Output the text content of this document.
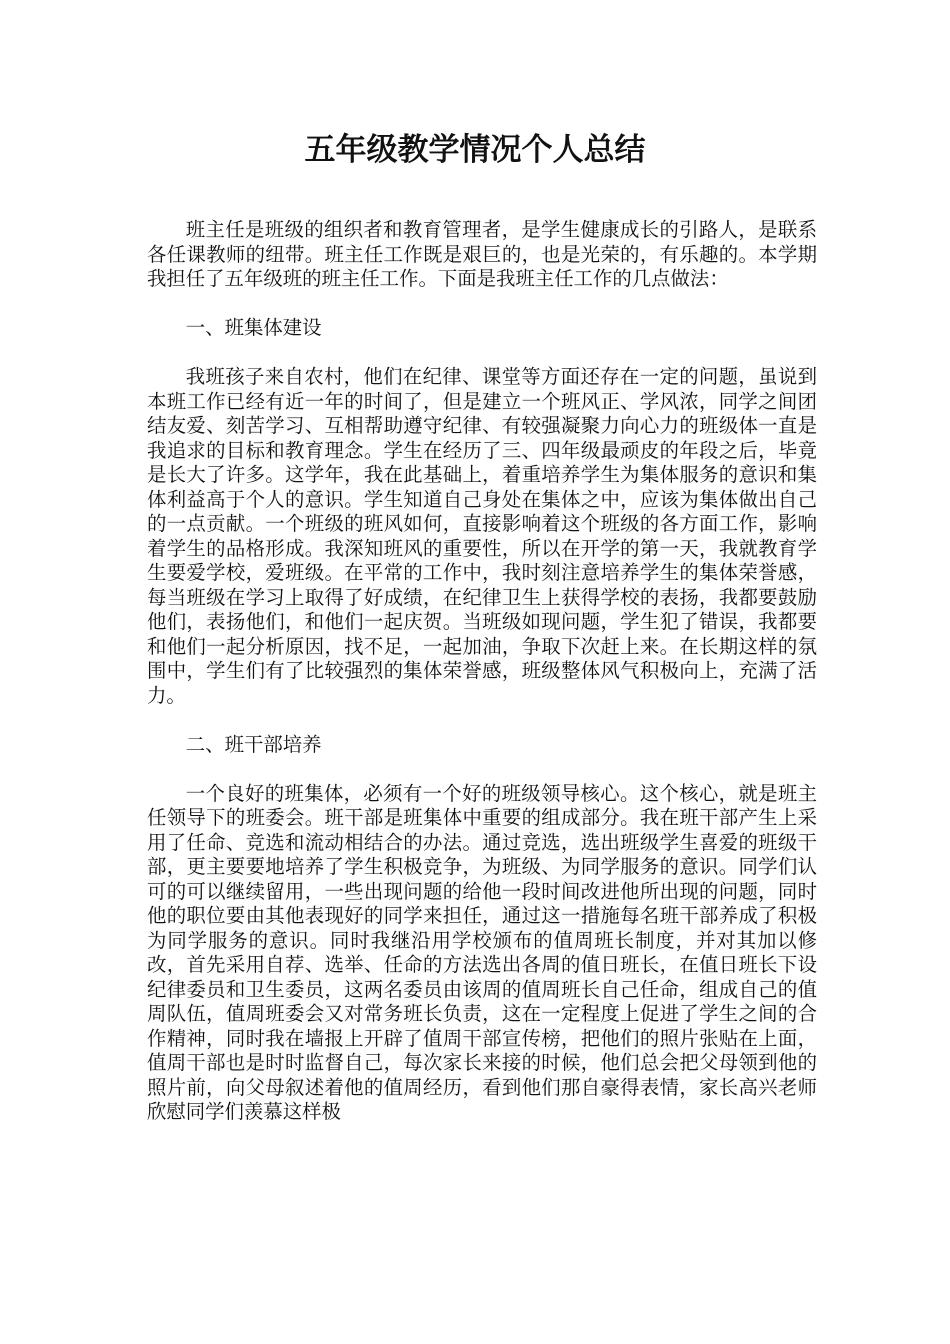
五年级教学情况个人总结

班主任是班级的组织者和教育管理者，是学生健康成长的引路人，是联系各任课教师的纽带。班主任工作既是艰巨的，也是光荣的，有乐趣的。本学期我担任了五年级班的班主任工作。下面是我班主任工作的几点做法：

一、班集体建设

我班孩子来自农村，他们在纪律、课堂等方面还存在一定的问题，虽说到本班工作已经有近一年的时间了，但是建立一个班风正、学风浓，同学之间团结友爱、刻苦学习、互相帮助遵守纪律、有较强凝聚力向心力的班级体一直是我追求的目标和教育理念。学生在经历了三、四年级最顽皮的年段之后，毕竟是长大了许多。这学年，我在此基础上，着重培养学生为集体服务的意识和集体利益高于个人的意识。学生知道自己身处在集体之中，应该为集体做出自己的一点贡献。一个班级的班风如何，直接影响着这个班级的各方面工作，影响着学生的品格形成。我深知班风的重要性，所以在开学的第一天，我就教育学生要爱学校，爱班级。在平常的工作中，我时刻注意培养学生的集体荣誉感，每当班级在学习上取得了好成绩，在纪律卫生上获得学校的表扬，我都要鼓励他们，表扬他们，和他们一起庆贺。当班级如现问题，学生犯了错误，我都要和他们一起分析原因，找不足，一起加油，争取下次赶上来。在长期这样的氛围中，学生们有了比较强烈的集体荣誉感，班级整体风气积极向上，充满了活力。

二、班干部培养

一个良好的班集体，必须有一个好的班级领导核心。这个核心，就是班主任领导下的班委会。班干部是班集体中重要的组成部分。我在班干部产生上采用了任命、竞选和流动相结合的办法。通过竞选，选出班级学生喜爱的班级干部，更主要要地培养了学生积极竞争，为班级、为同学服务的意识。同学们认可的可以继续留用，一些出现问题的给他一段时间改进他所出现的问题，同时他的职位要由其他表现好的同学来担任，通过这一措施每名班干部养成了积极为同学服务的意识。同时我继沿用学校颁布的值周班长制度，并对其加以修改，首先采用自荐、选举、任命的方法选出各周的值日班长，在值日班长下设纪律委员和卫生委员，这两名委员由该周的值周班长自己任命，组成自己的值周队伍，值周班委会又对常务班长负责，这在一定程度上促进了学生之间的合作精神，同时我在墙报上开辟了值周干部宣传榜，把他们的照片张贴在上面，值周干部也是时时监督自己，每次家长来接的时候，他们总会把父母领到他的照片前，向父母叙述着他的值周经历，看到他们那自豪得表情，家长高兴老师欣慰同学们羡慕这样极
